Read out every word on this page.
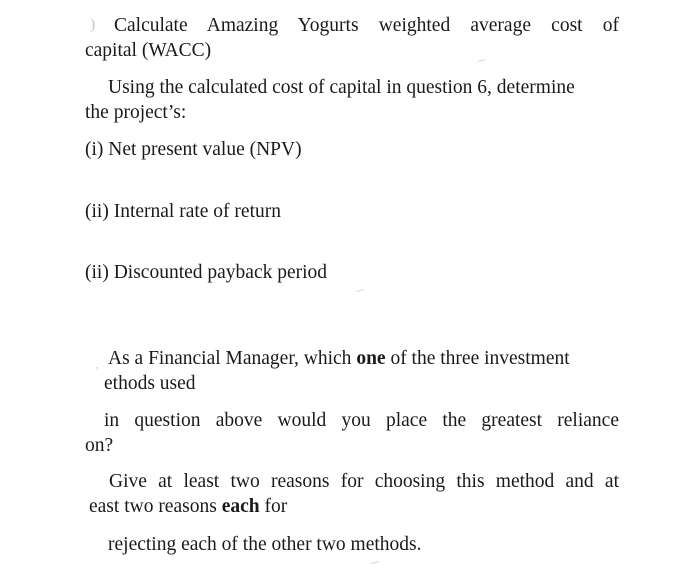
) Calculate Amazing Yogurts weighted average cost of
capital (WACC)
Using the calculated cost of capital in question 6, determine
the project’s:
(i) Net present value (NPV)
(ii) Internal rate of return
(ii) Discounted payback period
, As a Financial Manager, which one of the three investment
ethods used
in question above would you place the greatest reliance
on?
Give at least two reasons for choosing this method and at
east two reasons each for
rejecting each of the other two methods.
